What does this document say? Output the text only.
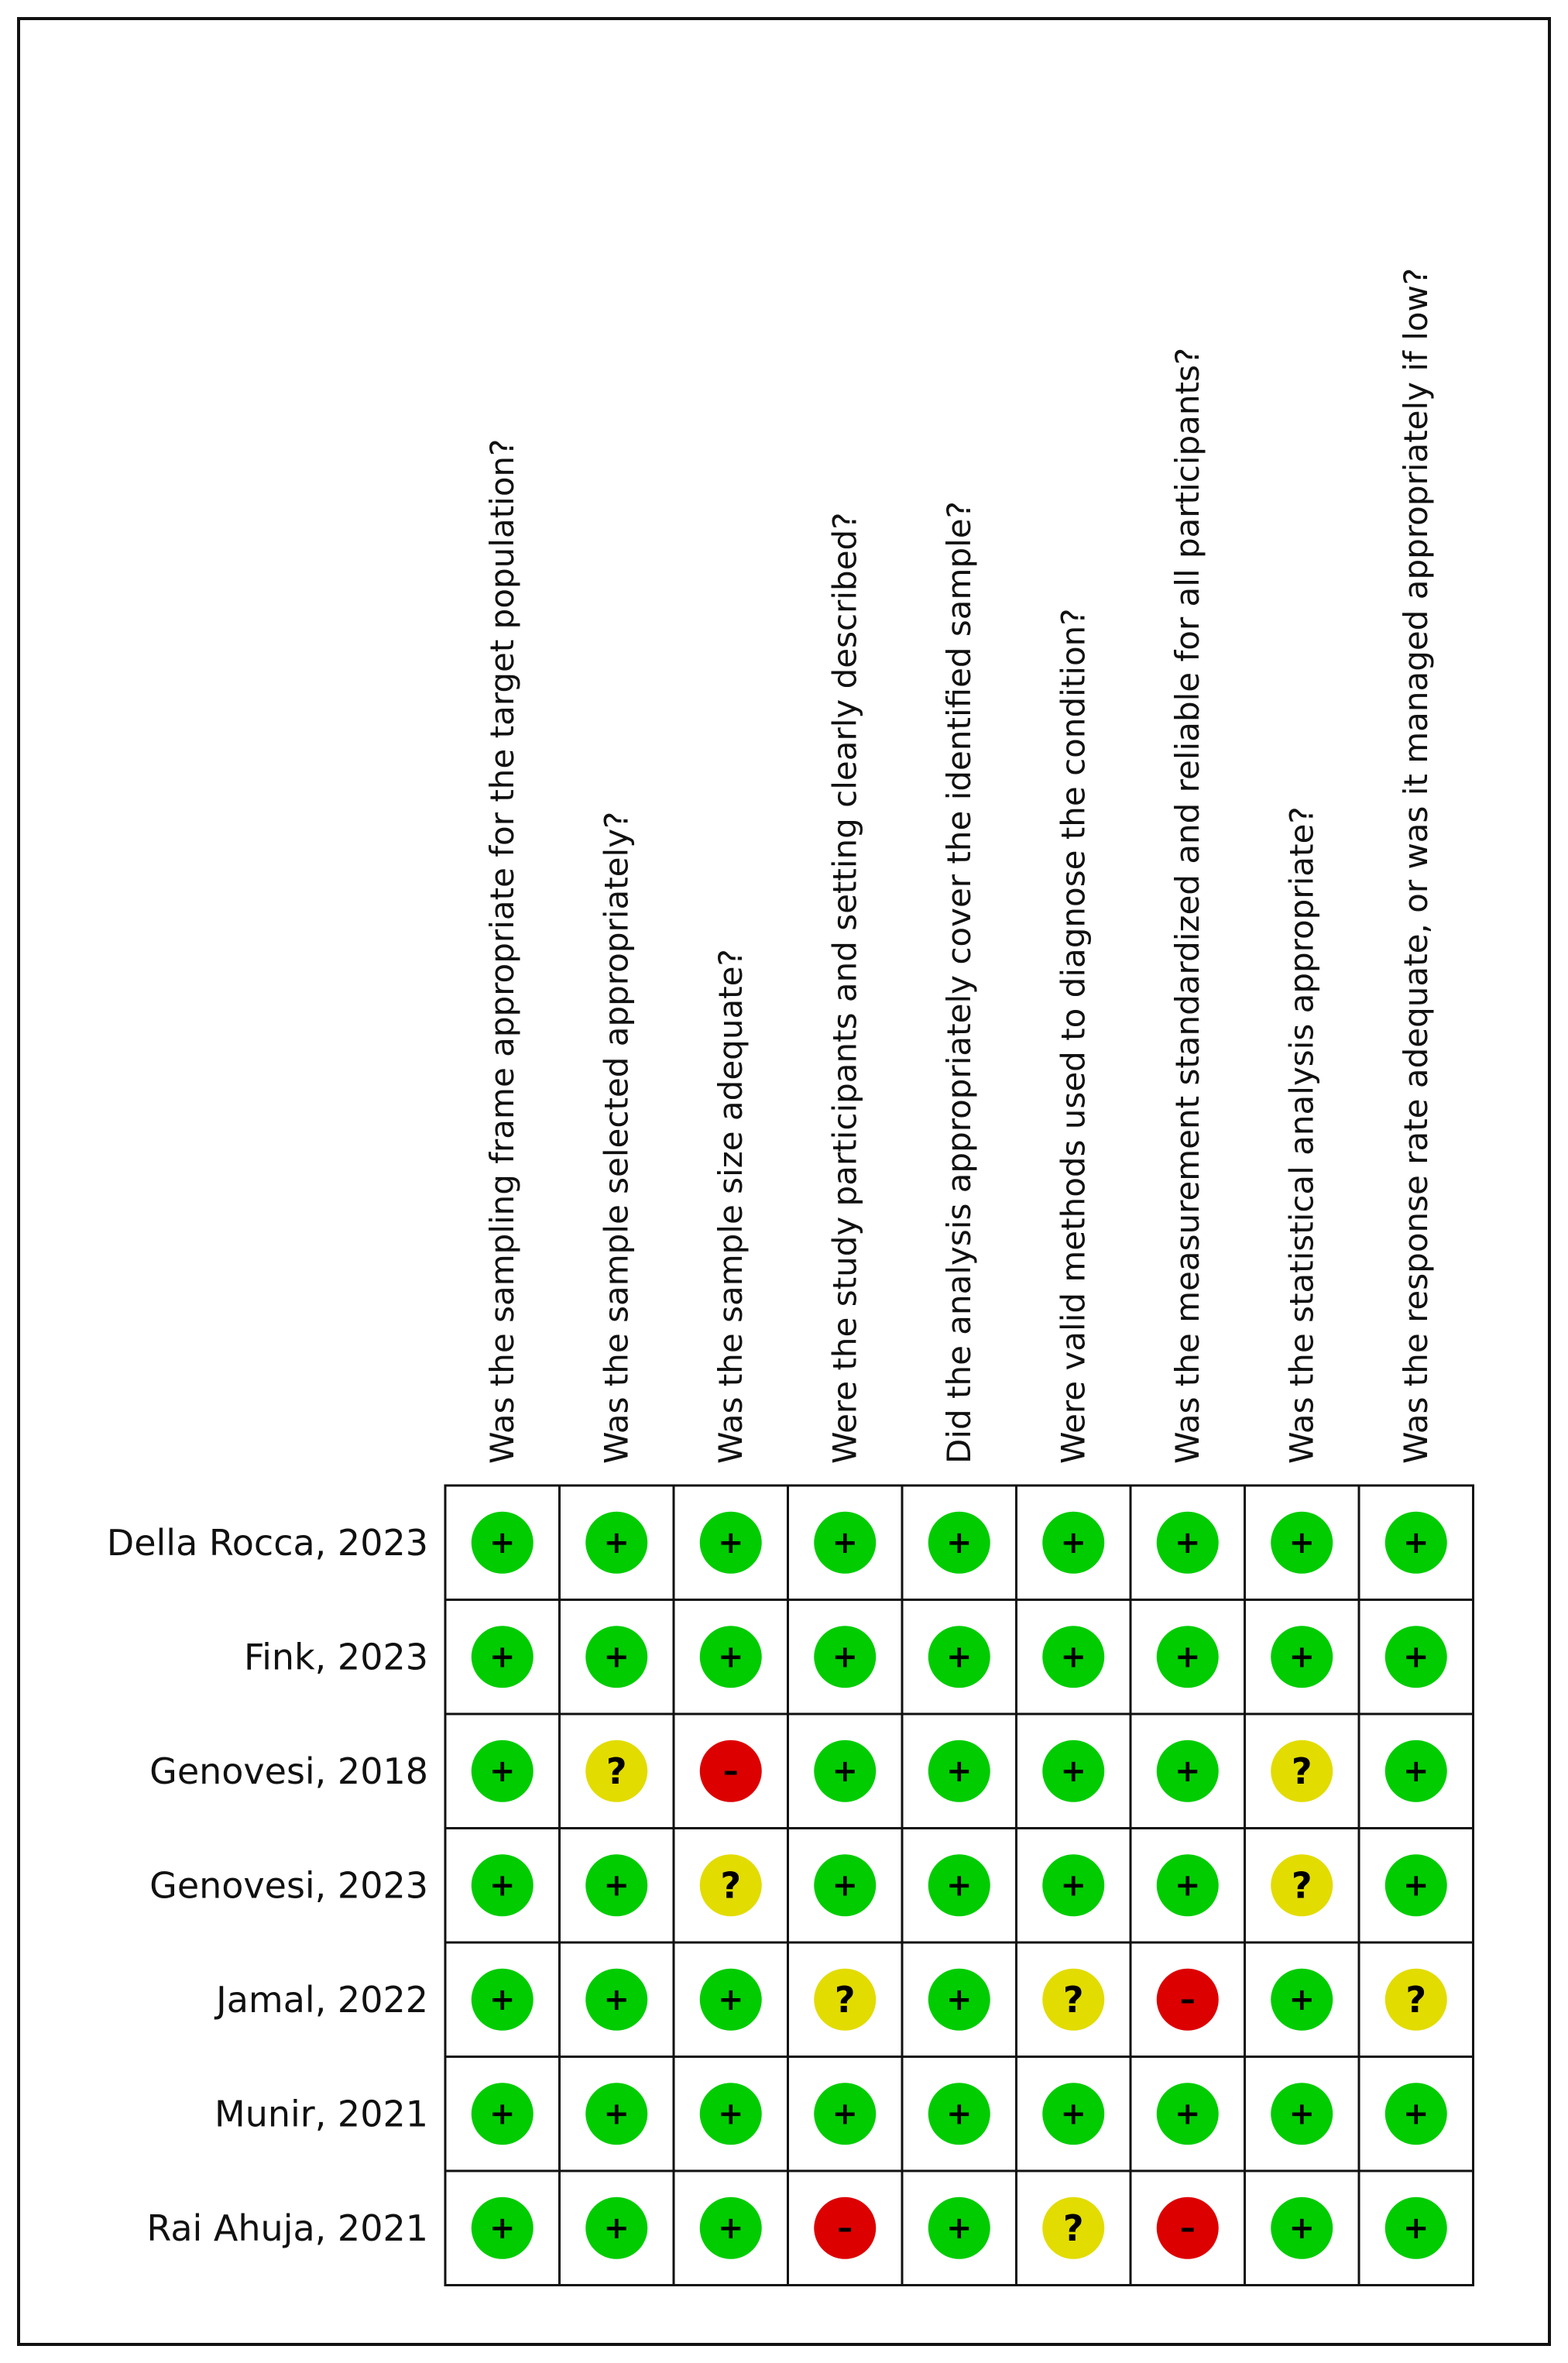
Was the sampling frame appropriate for the target population? Was the sample selected appropriately? Was the sample size adequate? Were the study participants and setting clearly described? Did the analysis appropriately cover the identified sample? Were valid methods used to diagnose the condition? Was the measurement standardized and reliable for all participants? Was the statistical analysis appropriate? Was the response rate adequate, or was it managed appropriately if low?
Della Rocca, 2023 +	+	+	+	+	+	+	+	+
Fink, 2023 +	+	+	+	+	+	+	+	+
Genovesi, 2018 +	?	–	+	+	+	+	?	+
Genovesi, 2023 +	+	?	+	+	+	+	?	+
Jamal, 2022 +	+	+	?	+	?	–	+	?
Munir, 2021 +	+	+	+	+	+	+	+	+
Rai Ahuja, 2021 +	+	+	–	+	?	–	+	+
